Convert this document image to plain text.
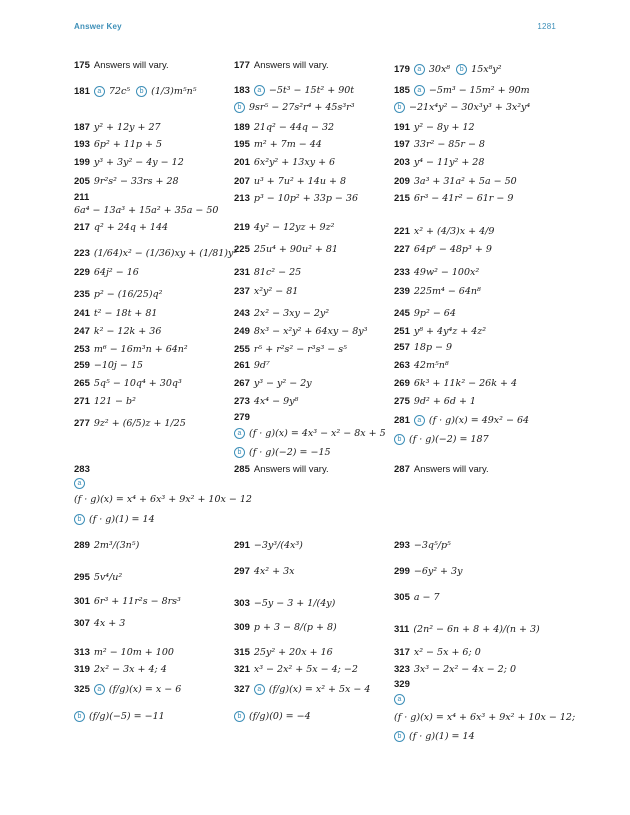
Answer Key	1281
175 Answers will vary.
181 a 72c⁵ b (1/3)m⁵n⁵
187 y² + 12y + 27
193 6p² + 11p + 5
199 y³ + 3y² − 4y − 12
205 9r²s² − 33rs + 28
211
6a⁴ − 13a³ + 15a² + 35a − 50
217 q² + 24q + 144
223 (1/64)x² − (1/36)xy + (1/81)y²
229 64j² − 16
235 p² − (16/25)q²
241 t² − 18t + 81
247 k² − 12k + 36
253 m⁶ − 16m³n + 64n²
259 −10j − 15
265 5q⁵ − 10q⁴ + 30q³
271 121 − b²
277 9z² + (6/5)z + 1/25
283
a
(f · g)(x) = x⁴ + 6x³ + 9x² + 10x − 12
b (f · g)(1) = 14
289 2m³/(3n⁵)
295 5v⁴/u²
301 6r³ + 11r²s − 8rs³
307 4x + 3
313 m² − 10m + 100
319 2x² − 3x + 4; 4
325 a (f/g)(x) = x − 6
b (f/g)(−5) = −11
177 Answers will vary.
183 a −5t³ − 15t² + 90t
b 9sr⁵ − 27s²r⁴ + 45s³r³
189 21q² − 44q − 32
195 m² + 7m − 44
201 6x²y² + 13xy + 6
207 u³ + 7u² + 14u + 8
213 p³ − 10p² + 33p − 36
219 4y² − 12yz + 9z²
225 25u⁴ + 90u² + 81
231 81c² − 25
237 x²y² − 81
243 2x² − 3xy − 2y²
249 8x³ − x²y² + 64xy − 8y³
255 r⁵ + r²s² − r³s³ − s⁵
261 9d⁷
267 y³ − y² − 2y
273 4x⁴ − 9y⁸
279
a (f · g)(x) = 4x³ − x² − 8x + 5
b (f · g)(−2) = −15
285 Answers will vary.
291 −3y³/(4x³)
297 4x² + 3x
303 −5y − 3 + 1/(4y)
309 p + 3 − 8/(p + 8)
315 25y² + 20x + 16
321 x³ − 2x² + 5x − 4; −2
327 a (f/g)(x) = x² + 5x − 4
b (f/g)(0) = −4
179 a 30x⁸ b 15x⁸y²
185 a −5m³ − 15m² + 90m
b −21x⁴y² − 30x³y³ + 3x²y⁴
191 y² − 8y + 12
197 33r² − 85r − 8
203 y⁴ − 11y² + 28
209 3a³ + 31a² + 5a − 50
215 6r³ − 41r² − 61r − 9
221 x² + (4/3)x + 4/9
227 64p⁶ − 48p³ + 9
233 49w² − 100x²
239 225m⁴ − 64n⁸
245 9p² − 64
251 y⁸ + 4y⁴z + 4z²
257 18p − 9
263 42m⁵n⁸
269 6k³ + 11k² − 26k + 4
275 9d² + 6d + 1
281 a (f · g)(x) = 49x² − 64
b (f · g)(−2) = 187
287 Answers will vary.
293 −3q⁵/p⁵
299 −6y² + 3y
305 a − 7
311 (2n² − 6n + 8 + 4)/(n + 3)
317 x² − 5x + 6; 0
323 3x³ − 2x² − 4x − 2; 0
329
a
(f · g)(x) = x⁴ + 6x³ + 9x² + 10x − 12;
b (f · g)(1) = 14
